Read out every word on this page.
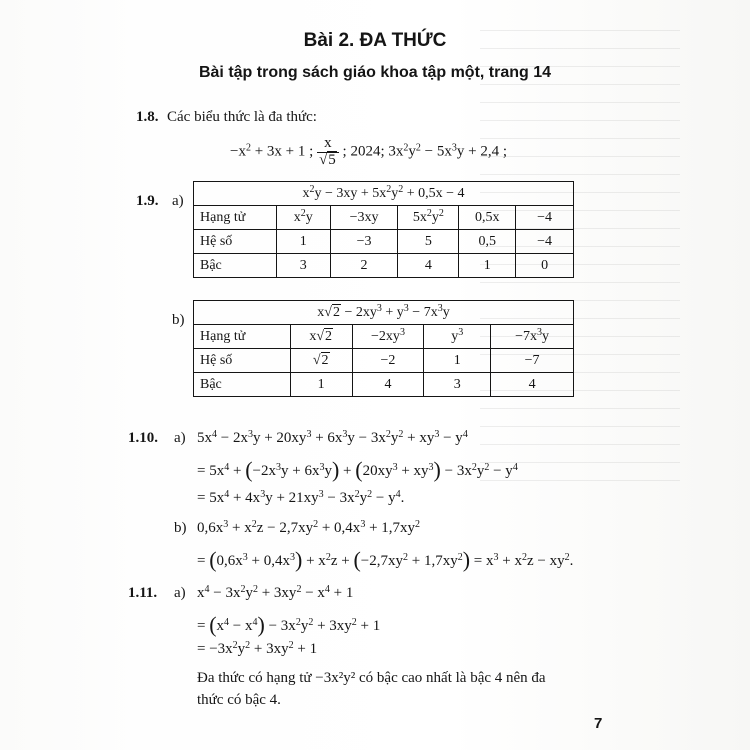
Bài 2. ĐA THỨC
Bài tập trong sách giáo khoa tập một, trang 14
1.8. Các biểu thức là đa thức:
$-x^2 + 3x + 1$ ; $\frac{x}{√5}$ ; 2024; $3x^2y^2 - 5x^3y + 2,4$ ;
1.9. a)	$x^2y - 3xy + 5x^2y^2 + 0,5x - 4$					
Hạng tử	$x^2y$	−3xy	$5x^2y^2$	0,5x	−4
Hệ số	1	−3	5	0,5	−4
Bậc	3	2	4	1	0
b)	$x√2 - 2xy^3 + y^3 - 7x^3y$				
Hạng tử	x√2	$-2xy^3$	$y^3$	$-7x^3y$
Hệ số	√2	−2	1	−7
Bậc	1	4	3	4
1.10. a) $5x^4 - 2x^3y + 20xy^3 + 6x^3y - 3x^2y^2 + xy^3 - y^4$
= $5x^4 + (-2x^3y + 6x^3y) + (20xy^3 + xy^3) - 3x^2y^2 - y^4$
= $5x^4 + 4x^3y + 21xy^3 - 3x^2y^2 - y^4$.
b) $0,6x^3 + x^2z - 2,7xy^2 + 0,4x^3 + 1,7xy^2$
= $(0,6x^3 + 0,4x^3) + x^2z + (-2,7xy^2 + 1,7xy^2) = x^3 + x^2z - xy^2$.
1.11. a) $x^4 - 3x^2y^2 + 3xy^2 - x^4 + 1$
= $(x^4 - x^4) - 3x^2y^2 + 3xy^2 + 1$
= $-3x^2y^2 + 3xy^2 + 1$
Đa thức có hạng tử −3x²y² có bậc cao nhất là bậc 4 nên đa
thức có bậc 4.
7
